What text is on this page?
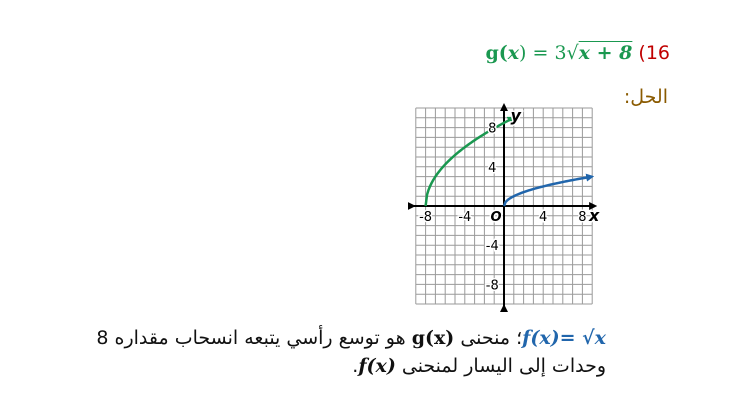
g(x) = 3√x + 8 (16
الحل:
-8 -4 O	4 8
8
4
-4
-8
x
y
f(x)= √x؛ منحنى g(x) هو توسع رأسي يتبعه انسحاب مقداره 8 وحدات إلى اليسار لمنحنى f(x).
